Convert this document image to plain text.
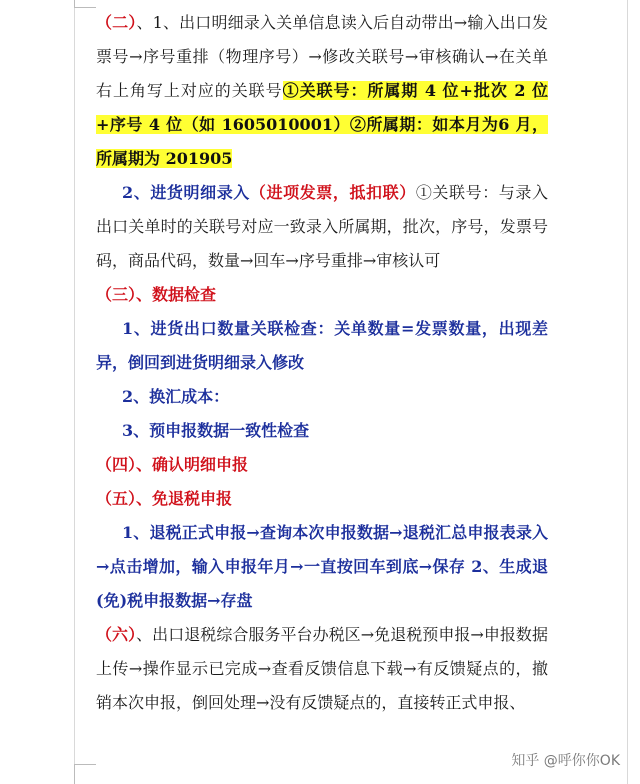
（二）、1、出口明细录入关单信息读入后自动带出→输入出口发票号→序号重排（物理序号）→修改关联号→审核确认→在关单右上角写上对应的关联号①关联号：所属期 4 位+批次 2 位+序号 4 位（如 1605010001）②所属期：如本月为6 月，所属期为 201905

2、进货明细录入（进项发票，抵扣联）①关联号：与录入出口关单时的关联号对应一致录入所属期，批次，序号，发票号码，商品代码，数量→回车→序号重排→审核认可

（三）、数据检查

1、进货出口数量关联检查：关单数量=发票数量，出现差异，倒回到进货明细录入修改

2、换汇成本：

3、预申报数据一致性检查

（四）、确认明细申报

（五）、免退税申报

1、退税正式申报→查询本次申报数据→退税汇总申报表录入→点击增加，输入申报年月→一直按回车到底→保存 2、生成退(免)税申报数据→存盘

（六）、出口退税综合服务平台办税区→免退税预申报→申报数据上传→操作显示已完成→查看反馈信息下载→有反馈疑点的，撤销本次申报，倒回处理→没有反馈疑点的，直接转正式申报、

知乎 @呼你你OK
